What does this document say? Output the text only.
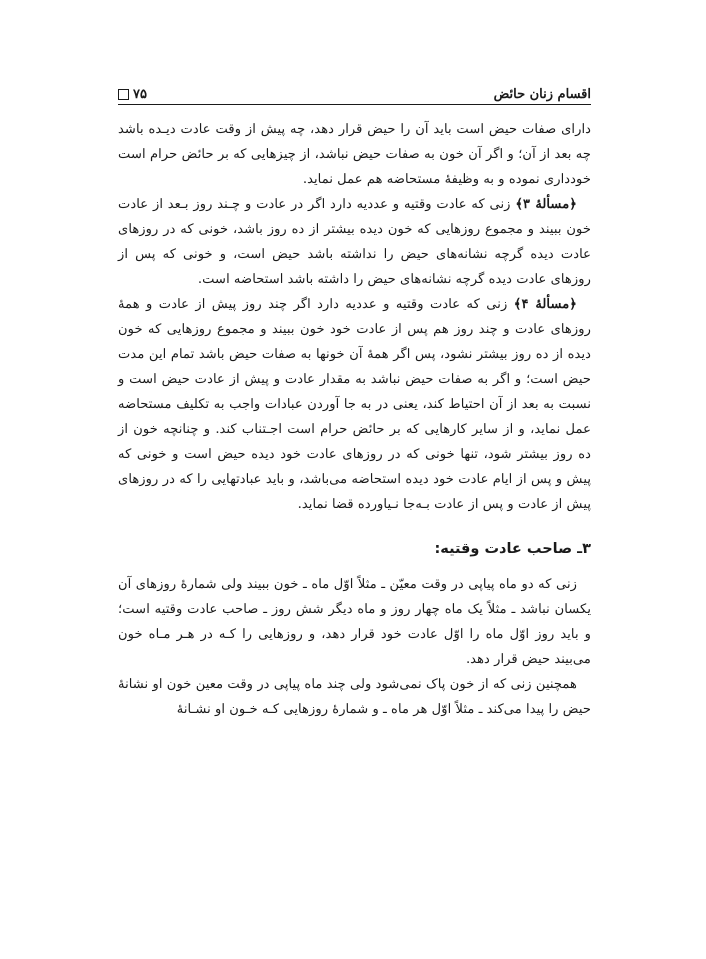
اقسام زنان حائض
۷۵

دارای صفات حیض است باید آن را حیض قرار دهد، چه پیش از وقت عادت دیـده باشد چه بعد از آن؛ و اگر آن خون به صفات حیض نباشد، از چیزهایی که بر حائض حرام است خودداری نموده و به وظیفهٔ مستحاضه هم عمل نماید.

﴿مسألهٔ ۳﴾ زنی که عادت وقتیه و عددیه دارد اگر در عادت و چـند روز بـعد از عادت خون ببیند و مجموع روزهایی که خون دیده بیشتر از ده روز باشد، خونی که در روزهای عادت دیده گرچه نشانه‌های حیض را نداشته باشد حیض است، و خونی که پس از روزهای عادت دیده گرچه نشانه‌های حیض را داشته باشد استحاضه است.

﴿مسألهٔ ۴﴾ زنی که عادت وقتیه و عددیه دارد اگر چند روز پیش از عادت و همهٔ روزهای عادت و چند روز هم پس از عادت خود خون ببیند و مجموع روزهایی که خون دیده از ده روز بیشتر نشود، پس اگر همهٔ آن خونها به صفات حیض باشد تمام این مدت حیض است؛ و اگر به صفات حیض نباشد به مقدار عادت و پیش از عادت حیض است و نسبت به بعد از آن احتیاط کند، یعنی در به جا آوردن عبادات واجب به تکلیف مستحاضه عمل نماید، و از سایر کارهایی که بر حائض حرام است اجـتناب کند. و چنانچه خون از ده روز بیشتر شود، تنها خونی که در روزهای عادت خود دیده حیض است و خونی که پیش و پس از ایام عادت خود دیده استحاضه می‌باشد، و باید عبادتهایی را که در روزهای پیش از عادت و پس از عادت بـه‌جا نـیاورده قضا نماید.

۳ـ صاحب عادت وقتیه:

زنی که دو ماه پیاپی در وقت معیّن ـ مثلاً اوّل ماه ـ خون ببیند ولی شمارهٔ روزهای آن یکسان نباشد ـ مثلاً یک ماه چهار روز و ماه دیگر شش روز ـ صاحب عادت وقتیه است؛ و باید روز اوّل ماه را اوّل عادت خود قرار دهد، و روزهایی را کـه در هـر مـاه خون می‌بیند حیض قرار دهد.

همچنین زنی که از خون پاک نمی‌شود ولی چند ماه پیاپی در وقت معین خون او نشانهٔ حیض را پیدا می‌کند ـ مثلاً اوّل هر ماه ـ و شمارهٔ روزهایی کـه خـون او نشـانهٔ
